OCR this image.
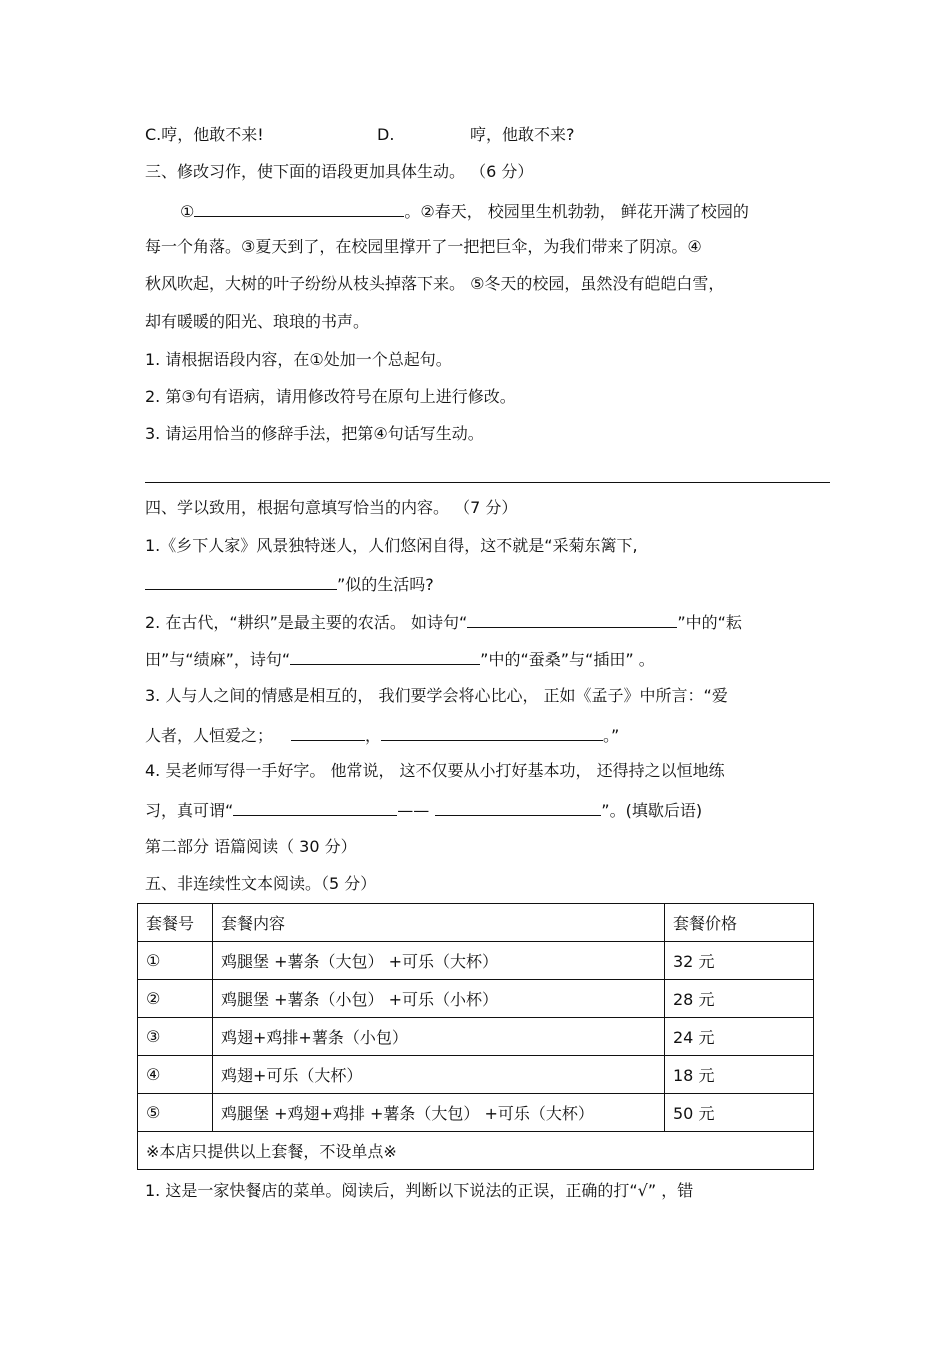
C.哼，他敢不来!	D.	哼，他敢不来?
三、修改习作，使下面的语段更加具体生动。 （6 分）
①	。②春天， 校园里生机勃勃， 鲜花开满了校园的
每一个角落。③夏天到了，在校园里撑开了一把把巨伞，为我们带来了阴凉。④
秋风吹起，大树的叶子纷纷从枝头掉落下来。 ⑤冬天的校园，虽然没有皑皑白雪，
却有暖暖的阳光、琅琅的书声。
1. 请根据语段内容，在①处加一个总起句。
2. 第③句有语病，请用修改符号在原句上进行修改。
3. 请运用恰当的修辞手法，把第④句话写生动。
四、学以致用，根据句意填写恰当的内容。 （7 分）
1.《乡下人家》风景独特迷人，人们悠闲自得，这不就是“采菊东篱下,
”似的生活吗?
2. 在古代，“耕织”是最主要的农活。 如诗句“	”中的“耘
田”与“绩麻”，诗句“	”中的“蚕桑”与“插田” 。
3. 人与人之间的情感是相互的， 我们要学会将心比心， 正如《孟子》中所言：“爱
人者，人恒爱之；	，	。”
4. 吴老师写得一手好字。 他常说， 这不仅要从小打好基本功， 还得持之以恒地练
习，真可谓“	——	”。(填歇后语)
第二部分 语篇阅读（ 30 分）
五、非连续性文本阅读。（5 分）
套餐号	套餐内容	套餐价格
①	鸡腿堡 +薯条（大包） +可乐（大杯）	32 元
②	鸡腿堡 +薯条（小包） +可乐（小杯）	28 元
③	鸡翅+鸡排+薯条（小包）	24 元
④	鸡翅+可乐（大杯）	18 元
⑤	鸡腿堡 +鸡翅+鸡排 +薯条（大包） +可乐（大杯）	50 元
※本店只提供以上套餐，不设单点※		
1. 这是一家快餐店的菜单。阅读后，判断以下说法的正误，正确的打“√” ，错
